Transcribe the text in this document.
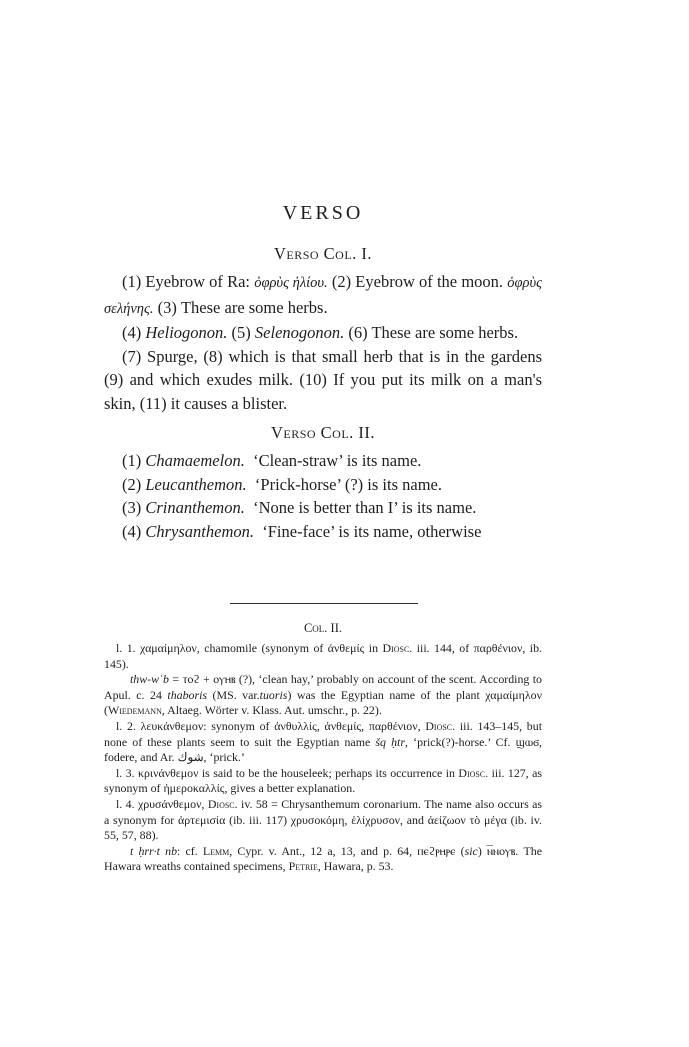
VERSO
Verso Col. I.

(1) Eyebrow of Ra: ὀφρὺς ἡλίου. (2) Eyebrow of the moon. ὀφρὺς σελήνης. (3) These are some herbs.

(4) Heliogonon. (5) Selenogonon. (6) These are some herbs.

(7) Spurge, (8) which is that small herb that is in the gardens (9) and which exudes milk. (10) If you put its milk on a man's skin, (11) it causes a blister.

Verso Col. II.

(1) Chamaemelon. ‘Clean-straw’ is its name.

(2) Leucanthemon. ‘Prick-horse’ (?) is its name.

(3) Crinanthemon. ‘None is better than I’ is its name.

(4) Chrysanthemon. ‘Fine-face’ is its name, otherwise

Col. II.

l. 1. χαμαίμηλον, chamomile (synonym of ἀνθεμίς in Diosc. iii. 144, of παρθένιον, ib. 145).

thw-wʿb = ⲧⲟϩ + ⲟⲩⲏⲃ (?), ‘clean hay,’ probably on account of the scent. According to Apul. c. 24 thaboris (MS. var.tuoris) was the Egyptian name of the plant χαμαίμηλον (Wiedemann, Altaeg. Wörter v. Klass. Aut. umschr., p. 22).

l. 2. λευκάνθεμον: synonym of ἀνθυλλίς, ἀνθεμίς, παρθένιον, Diosc. iii. 143–145, but none of these plants seem to suit the Egyptian name šq ḥtr, ‘prick(?)-horse.’ Cf. ϣⲱϭ, fodere, and Ar. شوك, ‘prick.’

l. 3. κρινάνθεμον is said to be the houseleek; perhaps its occurrence in Diosc. iii. 127, as synonym of ἡμεροκαλλίς, gives a better explanation.

l. 4. χρυσάνθεμον, Diosc. iv. 58 = Chrysanthemum coronarium. The name also occurs as a synonym for ἀρτεμισία (ib. iii. 117) χρυσοκόμη, ἑλίχρυσον, and ἀείζωον τὸ μέγα (ib. iv. 55, 57, 88).

t ḥrr·t nb: cf. Lemm, Cypr. v. Ant., 12 a, 13, and p. 64, ⲡⲉϩⲣⲏⲣⲉ (sic) ⲛ̅ⲛⲟⲩⲃ. The Hawara wreaths contained specimens, Petrie, Hawara, p. 53.
